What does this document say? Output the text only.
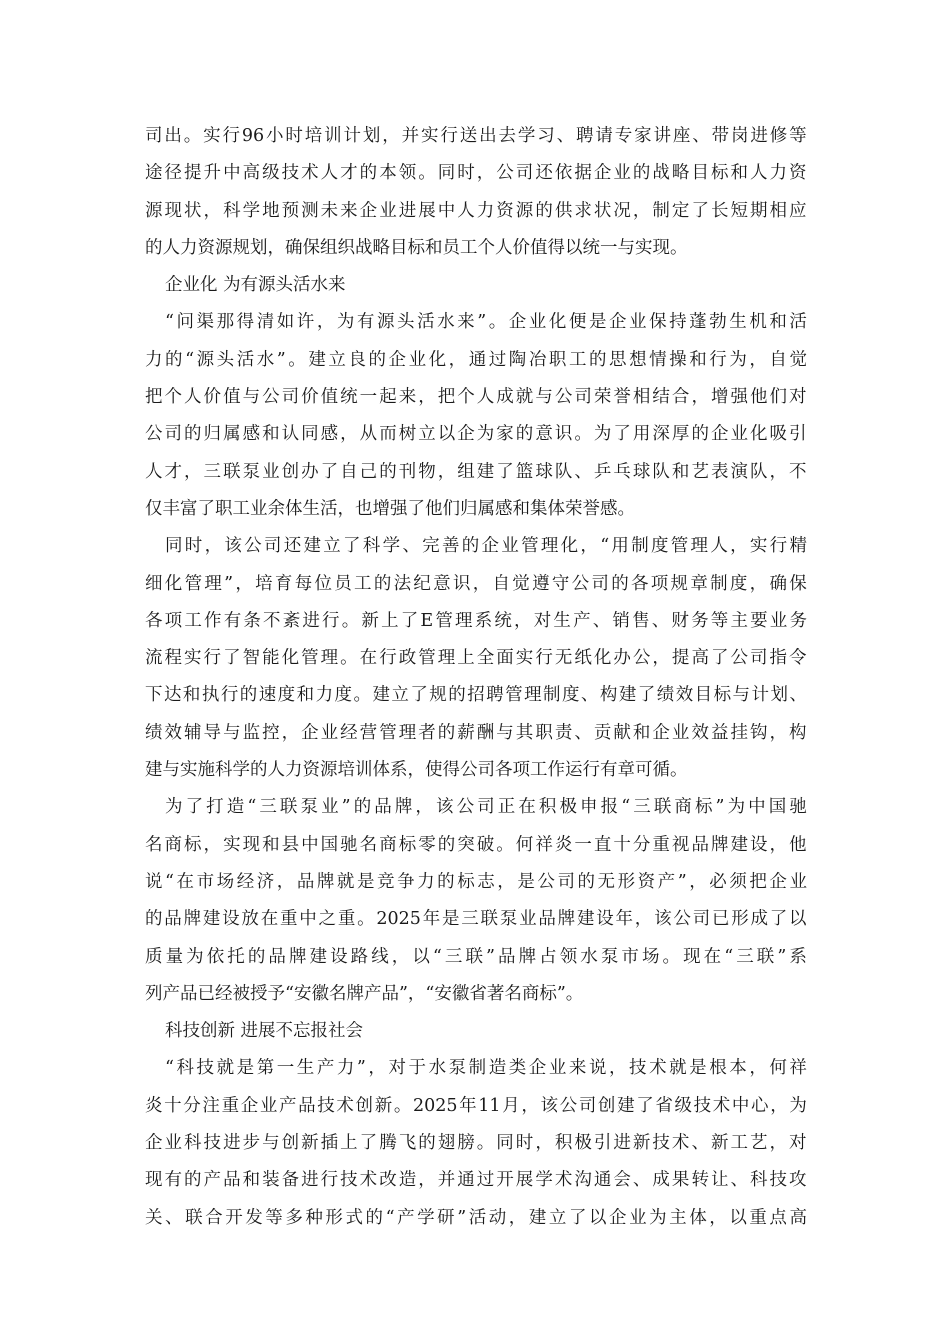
司 出 。 实 行 96 小 时 培 训 计 划 ， 并 实 行 送 出 去 学 习 、 聘 请 专 家 讲 座 、 带 岗 进 修 等
途 径 提 升 中 高 级 技 术 人 才 的 本 领 。 同 时 ， 公 司 还 依 据 企 业 的 战 略 目 标 和 人 力 资
源 现 状 ， 科 学 地 预 测 未 来 企 业 进 展 中 人 力 资 源 的 供 求 状 况 ， 制 定 了 长 短 期 相 应
的人力资源规划，确保组织战略目标和员工个人价值得以统一与实现。
企业化 为有源头活水来
“ 问 渠 那 得 清 如 许 ， 为 有 源 头 活 水 来 ” 。 企 业 化 便 是 企 业 保 持 蓬 勃 生 机 和 活
力 的 “ 源 头 活 水 ” 。 建 立 良 的 企 业 化 ， 通 过 陶 冶 职 工 的 思 想 情 操 和 行 为 ， 自 觉
把 个 人 价 值 与 公 司 价 值 统 一 起 来 ， 把 个 人 成 就 与 公 司 荣 誉 相 结 合 ， 增 强 他 们 对
公 司 的 归 属 感 和 认 同 感 ， 从 而 树 立 以 企 为 家 的 意 识 。 为 了 用 深 厚 的 企 业 化 吸 引
人 才 ， 三 联 泵 业 创 办 了 自 己 的 刊 物 ， 组 建 了 篮 球 队 、 乒 乓 球 队 和 艺 表 演 队 ， 不
仅丰富了职工业余体生活，也增强了他们归属感和集体荣誉感。
同 时 ， 该 公 司 还 建 立 了 科 学 、 完 善 的 企 业 管 理 化 ， “ 用 制 度 管 理 人 ， 实 行 精
细 化 管 理 ” ， 培 育 每 位 员 工 的 法 纪 意 识 ， 自 觉 遵 守 公 司 的 各 项 规 章 制 度 ， 确 保
各 项 工 作 有 条 不 紊 进 行 。 新 上 了 E 管 理 系 统 ， 对 生 产 、 销 售 、 财 务 等 主 要 业 务
流 程 实 行 了 智 能 化 管 理 。 在 行 政 管 理 上 全 面 实 行 无 纸 化 办 公 ， 提 高 了 公 司 指 令
下 达 和 执 行 的 速 度 和 力 度 。 建 立 了 规 的 招 聘 管 理 制 度 、 构 建 了 绩 效 目 标 与 计 划 、
绩 效 辅 导 与 监 控 ， 企 业 经 营 管 理 者 的 薪 酬 与 其 职 责 、 贡 献 和 企 业 效 益 挂 钩 ， 构
建与实施科学的人力资源培训体系，使得公司各项工作运行有章可循。
为 了 打 造 “ 三 联 泵 业 ” 的 品 牌 ， 该 公 司 正 在 积 极 申 报 “ 三 联 商 标 ” 为 中 国 驰
名 商 标 ， 实 现 和 县 中 国 驰 名 商 标 零 的 突 破 。 何 祥 炎 一 直 十 分 重 视 品 牌 建 设 ， 他
说 “ 在 市 场 经 济 ， 品 牌 就 是 竞 争 力 的 标 志 ， 是 公 司 的 无 形 资 产 ” ， 必 须 把 企 业
的 品 牌 建 设 放 在 重 中 之 重 。 2025 年 是 三 联 泵 业 品 牌 建 设 年 ， 该 公 司 已 形 成 了 以
质 量 为 依 托 的 品 牌 建 设 路 线 ， 以 “ 三 联 ” 品 牌 占 领 水 泵 市 场 。 现 在 “ 三 联 ” 系
列产品已经被授予“安徽名牌产品”，“安徽省著名商标”。
科技创新 进展不忘报社会
“ 科 技 就 是 第 一 生 产 力 ” ， 对 于 水 泵 制 造 类 企 业 来 说 ， 技 术 就 是 根 本 ， 何 祥
炎 十 分 注 重 企 业 产 品 技 术 创 新 。 2025 年 11 月 ， 该 公 司 创 建 了 省 级 技 术 中 心 ， 为
企 业 科 技 进 步 与 创 新 插 上 了 腾 飞 的 翅 膀 。 同 时 ， 积 极 引 进 新 技 术 、 新 工 艺 ， 对
现 有 的 产 品 和 装 备 进 行 技 术 改 造 ， 并 通 过 开 展 学 术 沟 通 会 、 成 果 转 让 、 科 技 攻
关 、 联 合 开 发 等 多 种 形 式 的 “ 产 学 研 ” 活 动 ， 建 立 了 以 企 业 为 主 体 ， 以 重 点 高
